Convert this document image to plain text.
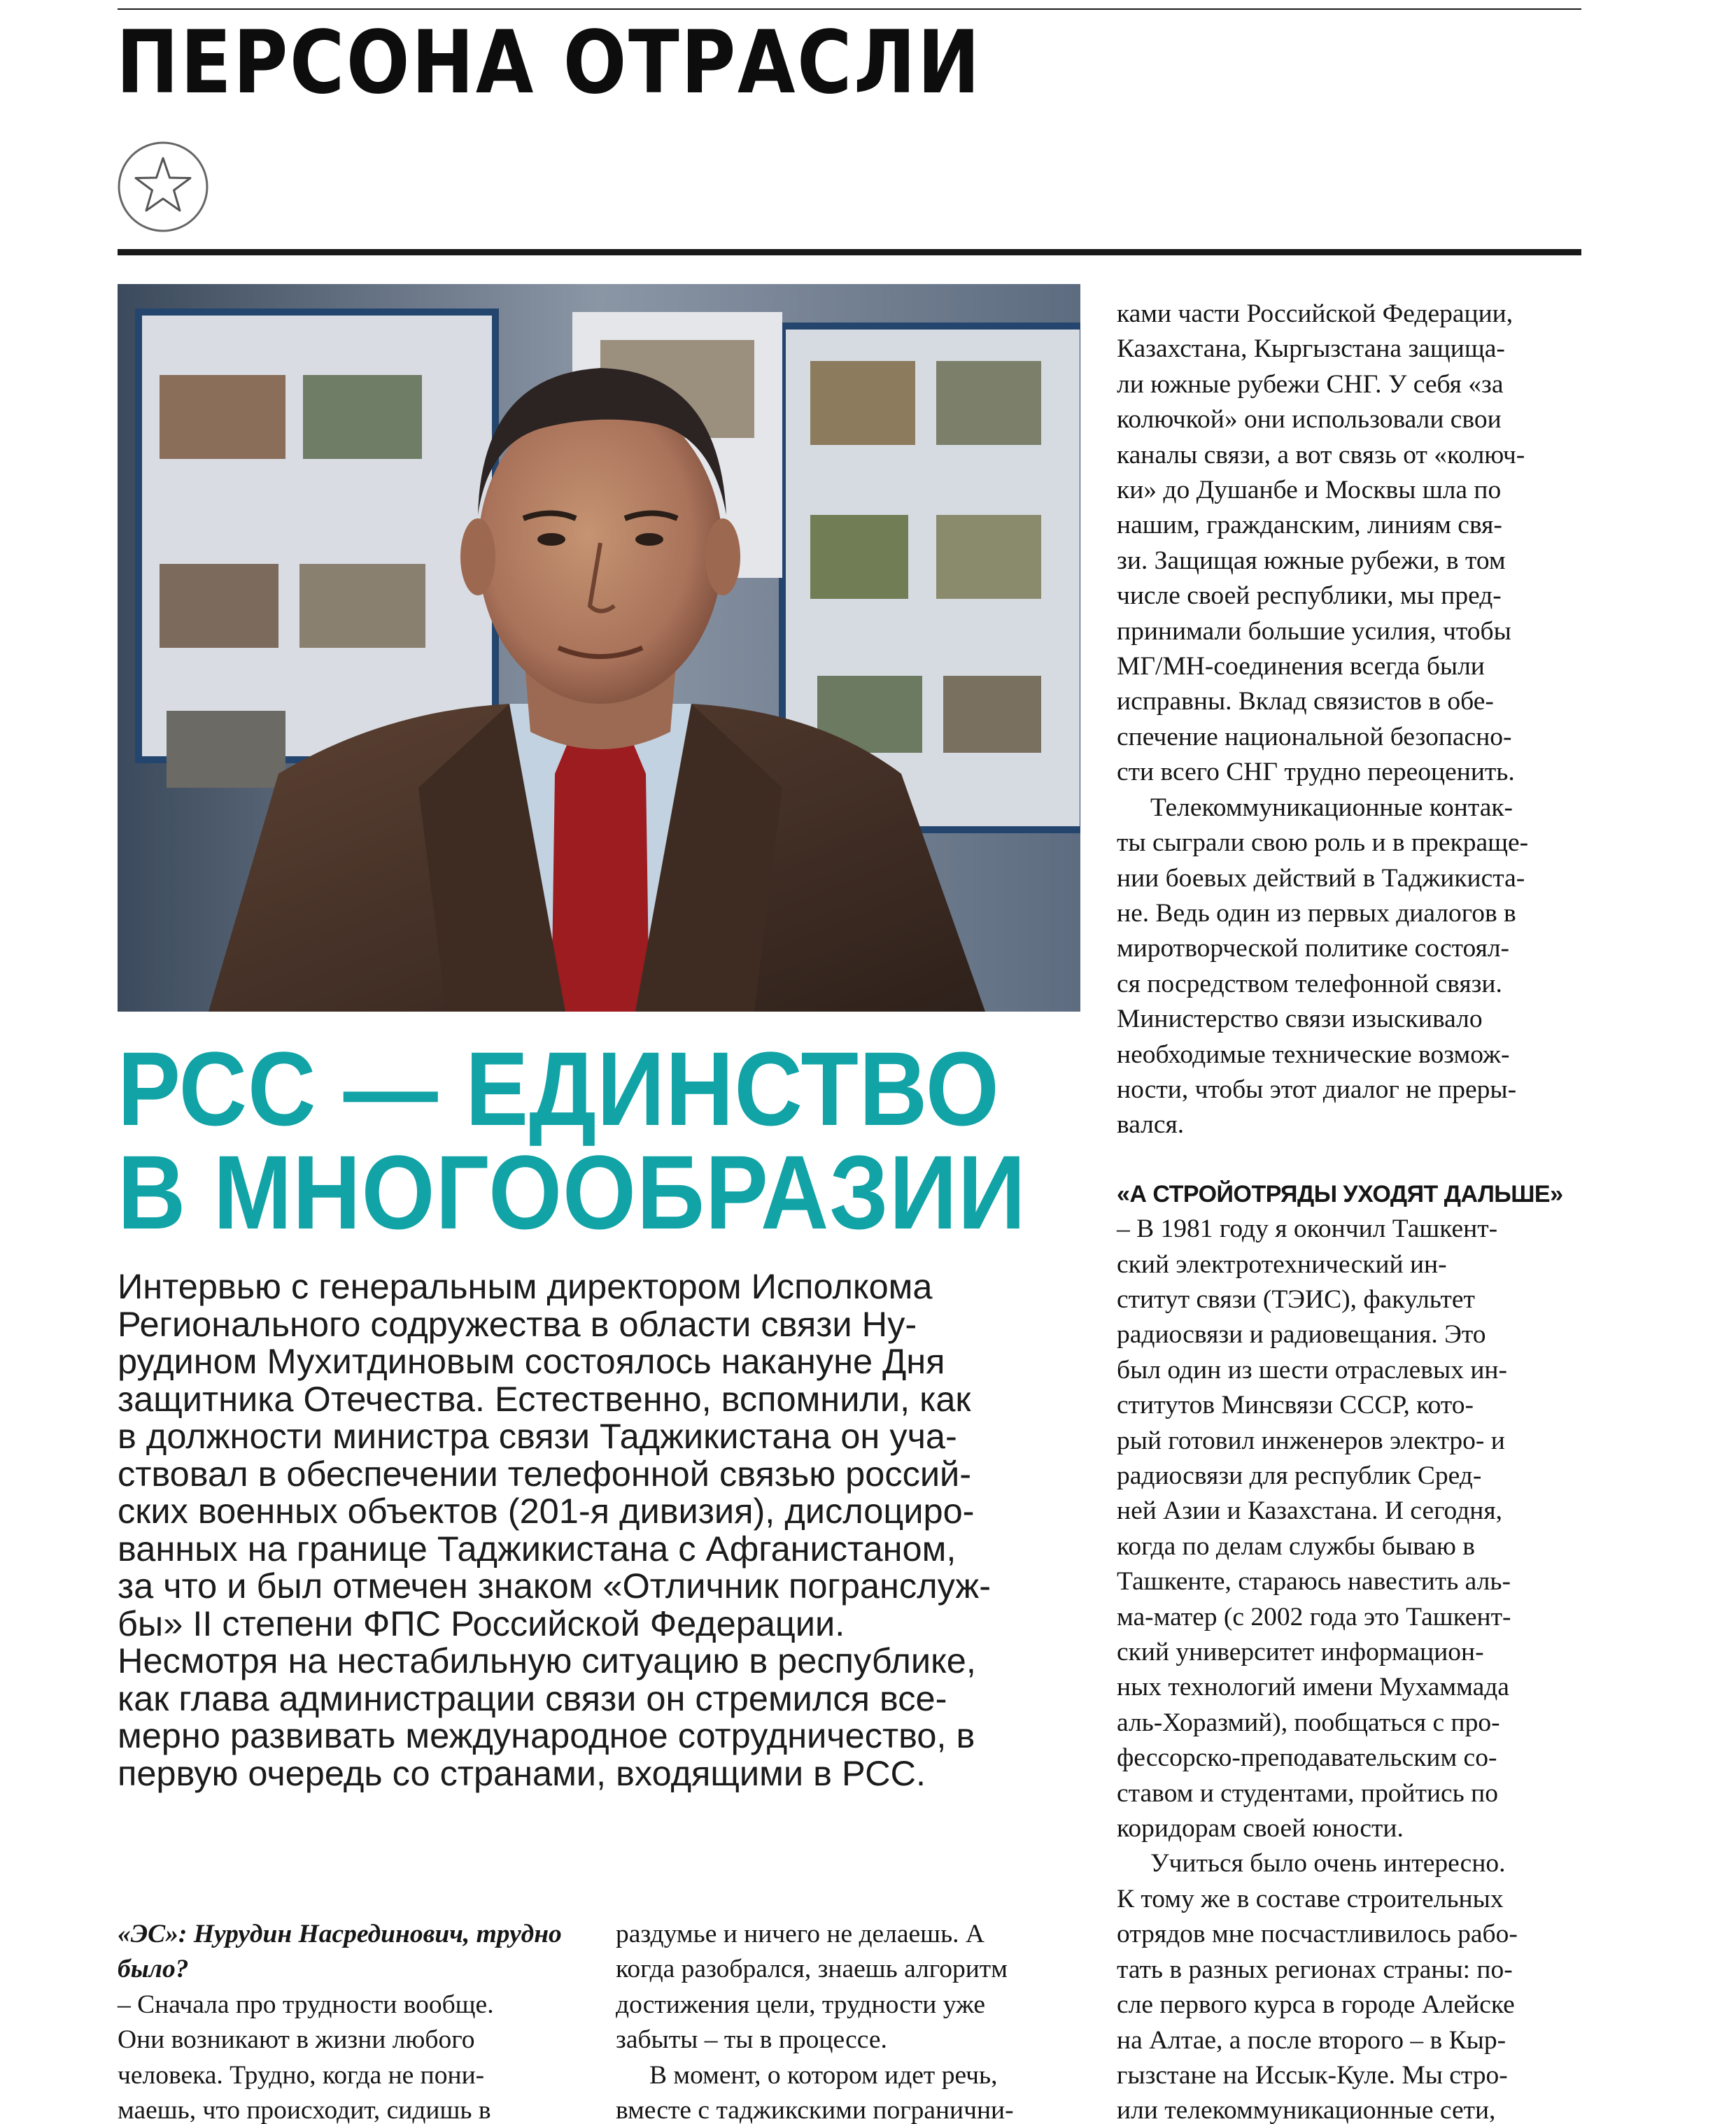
ПЕРСОНА ОТРАСЛИ
РСС — ЕДИНСТВО
В МНОГООБРАЗИИ
Интервью с генеральным директором Исполкома
Регионального содружества в области связи Ну-
рудином Мухитдиновым состоялось накануне Дня
защитника Отечества. Естественно, вспомнили, как
в должности министра связи Таджикистана он уча-
ствовал в обеспечении телефонной связью россий-
ских военных объектов (201-я дивизия), дислоциро-
ванных на границе Таджикистана с Афганистаном,
за что и был отмечен знаком «Отличник погранслуж-
бы» II степени ФПС Российской Федерации.
Несмотря на нестабильную ситуацию в республике,
как глава администрации связи он стремился все-
мерно развивать международное сотрудничество, в
первую очередь со странами, входящими в РСС.
«ЭС»: Нурудин Насрединович, трудно
было?
– Сначала про трудности вообще.
Они возникают в жизни любого
человека. Трудно, когда не пони-
маешь, что происходит, сидишь в
раздумье и ничего не делаешь. А
когда разобрался, знаешь алгоритм
достижения цели, трудности уже
забыты – ты в процессе.
В момент, о котором идет речь,
вместе с таджикскими погранични-
ками части Российской Федерации,
Казахстана, Кыргызстана защища-
ли южные рубежи СНГ. У себя «за
колючкой» они использовали свои
каналы связи, а вот связь от «колюч-
ки» до Душанбе и Москвы шла по
нашим, гражданским, линиям свя-
зи. Защищая южные рубежи, в том
числе своей республики, мы пред-
принимали большие усилия, чтобы
МГ/МН-соединения всегда были
исправны. Вклад связистов в обе-
спечение национальной безопасно-
сти всего СНГ трудно переоценить.
Телекоммуникационные контак-
ты сыграли свою роль и в прекраще-
нии боевых действий в Таджикиста-
не. Ведь один из первых диалогов в
миротворческой политике состоял-
ся посредством телефонной связи.
Министерство связи изыскивало
необходимые технические возмож-
ности, чтобы этот диалог не преры-
вался.
«А СТРОЙОТРЯДЫ УХОДЯТ ДАЛЬШЕ»
– В 1981 году я окончил Ташкент-
ский электротехнический ин-
ститут связи (ТЭИС), факультет
радиосвязи и радиовещания. Это
был один из шести отраслевых ин-
ститутов Минсвязи СССР, кото-
рый готовил инженеров электро- и
радиосвязи для республик Сред-
ней Азии и Казахстана. И сегодня,
когда по делам службы бываю в
Ташкенте, стараюсь навестить аль-
ма-матер (с 2002 года это Ташкент-
ский университет информацион-
ных технологий имени Мухаммада
аль-Хоразмий), пообщаться с про-
фессорско-преподавательским со-
ставом и студентами, пройтись по
коридорам своей юности.
Учиться было очень интересно.
К тому же в составе строительных
отрядов мне посчастливилось рабо-
тать в разных регионах страны: по-
сле первого курса в городе Алейске
на Алтае, а после второго – в Кыр-
гызстане на Иссык-Куле. Мы стро-
или телекоммуникационные сети,
